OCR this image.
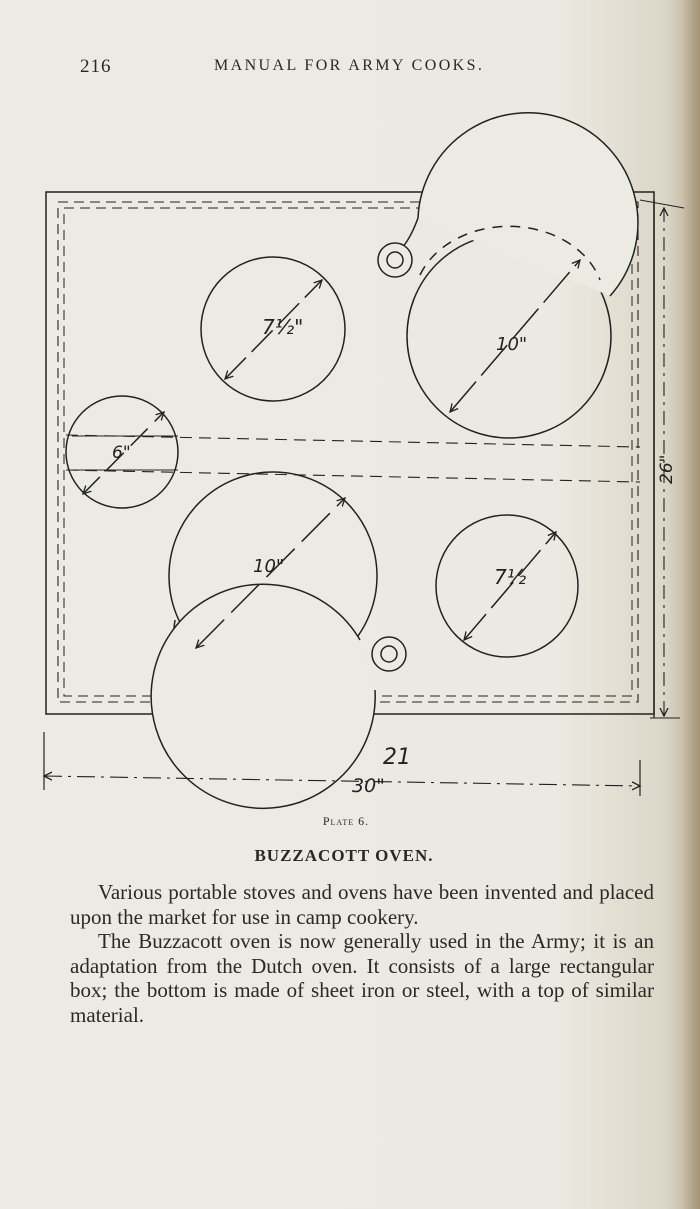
216	MANUAL FOR ARMY COOKS.
7½"
10"
6"
10"	7½
26"
21
30"
Plate 6.
BUZZACOTT OVEN.

Various portable stoves and ovens have been invented and placed upon the market for use in camp cookery.

The Buzzacott oven is now generally used in the Army; it is an adaptation from the Dutch oven. It consists of a large rectangular box; the bottom is made of sheet iron or steel, with a top of similar material.
